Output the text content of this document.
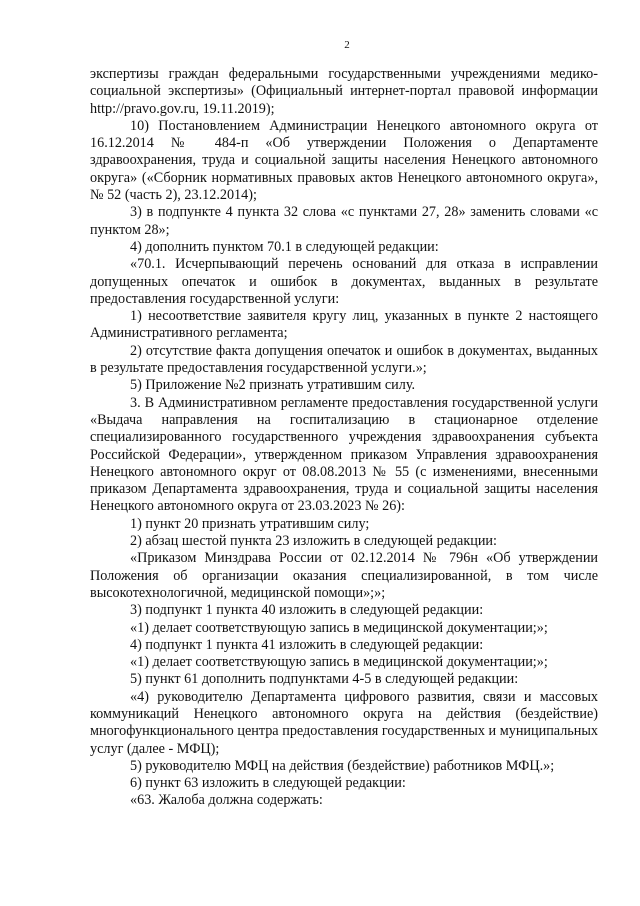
2

экспертизы граждан федеральными государственными учреждениями медико-социальной экспертизы» (Официальный интернет-портал правовой информации http://pravo.gov.ru, 19.11.2019);

10) Постановлением Администрации Ненецкого автономного округа от 16.12.2014 № 484-п «Об утверждении Положения о Департаменте здравоохранения, труда и социальной защиты населения Ненецкого автономного округа» («Сборник нормативных правовых актов Ненецкого автономного округа», № 52 (часть 2), 23.12.2014);

3) в подпункте 4 пункта 32 слова «с пунктами 27, 28» заменить словами «с пунктом 28»;

4) дополнить пунктом 70.1 в следующей редакции:

«70.1. Исчерпывающий перечень оснований для отказа в исправлении допущенных опечаток и ошибок в документах, выданных в результате предоставления государственной услуги:

1) несоответствие заявителя кругу лиц, указанных в пункте 2 настоящего Административного регламента;

2) отсутствие факта допущения опечаток и ошибок в документах, выданных в результате предоставления государственной услуги.»;

5) Приложение №2 признать утратившим силу.

3. В Административном регламенте предоставления государственной услуги «Выдача направления на госпитализацию в стационарное отделение специализированного государственного учреждения здравоохранения субъекта Российской Федерации», утвержденном приказом Управления здравоохранения Ненецкого автономного округ от 08.08.2013 № 55 (с изменениями, внесенными приказом Департамента здравоохранения, труда и социальной защиты населения Ненецкого автономного округа от 23.03.2023 № 26):

1) пункт 20 признать утратившим силу;

2) абзац шестой пункта 23 изложить в следующей редакции:

«Приказом Минздрава России от 02.12.2014 № 796н «Об утверждении Положения об организации оказания специализированной, в том числе высокотехнологичной, медицинской помощи»;»;

3) подпункт 1 пункта 40 изложить в следующей редакции:

«1) делает соответствующую запись в медицинской документации;»;

4) подпункт 1 пункта 41 изложить в следующей редакции:

«1) делает соответствующую запись в медицинской документации;»;

5) пункт 61 дополнить подпунктами 4-5 в следующей редакции:

«4) руководителю Департамента цифрового развития, связи и массовых коммуникаций Ненецкого автономного округа на действия (бездействие) многофункционального центра предоставления государственных и муниципальных услуг (далее - МФЦ);

5) руководителю МФЦ на действия (бездействие) работников МФЦ.»;

6) пункт 63 изложить в следующей редакции:

«63. Жалоба должна содержать:
